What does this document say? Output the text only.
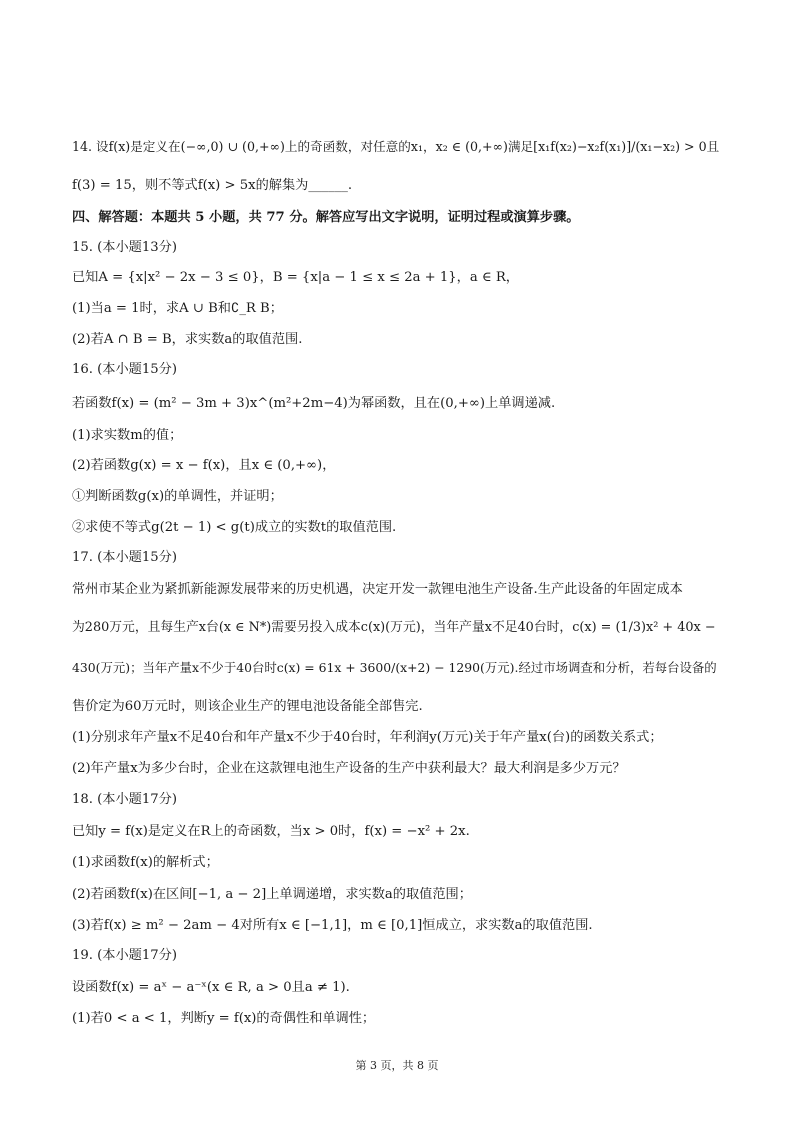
14. 设f(x)是定义在(−∞,0) ∪ (0,+∞)上的奇函数，对任意的x₁，x₂ ∈ (0,+∞)满足[x₁f(x₂)−x₂f(x₁)]/(x₁−x₂) > 0且
f(3) = 15，则不等式f(x) > 5x的解集为______.
四、解答题：本题共 5 小题，共 77 分。解答应写出文字说明，证明过程或演算步骤。
15. (本小题13分)
已知A = {x|x² − 2x − 3 ≤ 0}，B = {x|a − 1 ≤ x ≤ 2a + 1}，a ∈ R，
(1)当a = 1时，求A ∪ B和∁_R B；
(2)若A ∩ B = B，求实数a的取值范围.
16. (本小题15分)
若函数f(x) = (m² − 3m + 3)x^(m²+2m−4)为幂函数，且在(0,+∞)上单调递减.
(1)求实数m的值；
(2)若函数g(x) = x − f(x)，且x ∈ (0,+∞)，
①判断函数g(x)的单调性，并证明；
②求使不等式g(2t − 1) < g(t)成立的实数t的取值范围.
17. (本小题15分)
常州市某企业为紧抓新能源发展带来的历史机遇，决定开发一款锂电池生产设备.生产此设备的年固定成本
为280万元，且每生产x台(x ∈ N*)需要另投入成本c(x)(万元)，当年产量x不足40台时，c(x) = (1/3)x² + 40x −
430(万元)；当年产量x不少于40台时c(x) = 61x + 3600/(x+2) − 1290(万元).经过市场调查和分析，若每台设备的
售价定为60万元时，则该企业生产的锂电池设备能全部售完.
(1)分别求年产量x不足40台和年产量x不少于40台时，年利润y(万元)关于年产量x(台)的函数关系式；
(2)年产量x为多少台时，企业在这款锂电池生产设备的生产中获利最大？最大利润是多少万元？
18. (本小题17分)
已知y = f(x)是定义在R上的奇函数，当x > 0时，f(x) = −x² + 2x.
(1)求函数f(x)的解析式；
(2)若函数f(x)在区间[−1, a − 2]上单调递增，求实数a的取值范围；
(3)若f(x) ≥ m² − 2am − 4对所有x ∈ [−1,1]，m ∈ [0,1]恒成立，求实数a的取值范围.
19. (本小题17分)
设函数f(x) = aˣ − a⁻ˣ(x ∈ R, a > 0且a ≠ 1).
(1)若0 < a < 1，判断y = f(x)的奇偶性和单调性；
第 3 页，共 8 页
